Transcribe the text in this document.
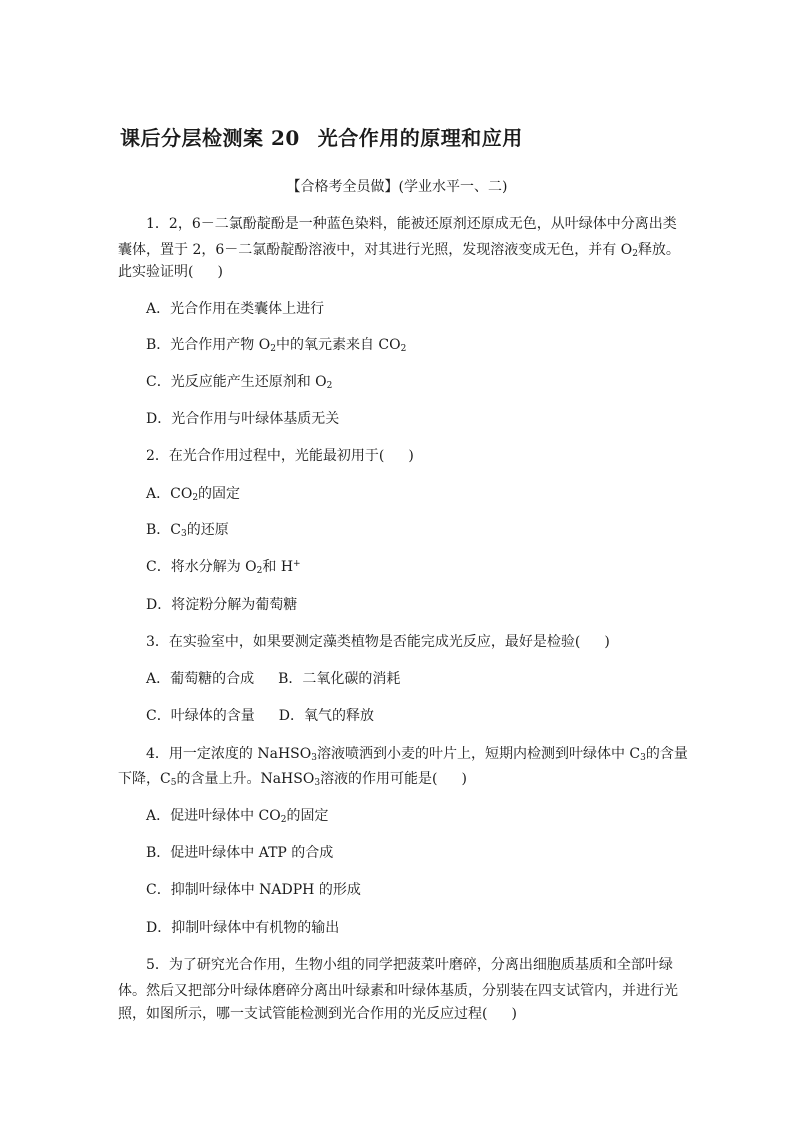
课后分层检测案 20 光合作用的原理和应用
【合格考全员做】(学业水平一、二)
1．2，6－二氯酚靛酚是一种蓝色染料，能被还原剂还原成无色，从叶绿体中分离出类
囊体，置于 2，6－二氯酚靛酚溶液中，对其进行光照，发现溶液变成无色，并有 $O_2$释放。
此实验证明( )
A．光合作用在类囊体上进行
B．光合作用产物 $O_2$中的氧元素来自 $CO_2$
C．光反应能产生还原剂和 $O_2$
D．光合作用与叶绿体基质无关
2．在光合作用过程中，光能最初用于( )
A．$CO_2$的固定
B．$C_3$的还原
C．将水分解为 $O_2$和 H+
D．将淀粉分解为葡萄糖
3．在实验室中，如果要测定藻类植物是否能完成光反应，最好是检验( )
A．葡萄糖的合成 B．二氧化碳的消耗
C．叶绿体的含量 D．氧气的释放
4．用一定浓度的 NaHSO$_3$溶液喷洒到小麦的叶片上，短期内检测到叶绿体中 $C_3$的含量
下降，$C_5$的含量上升。NaHSO$_3$溶液的作用可能是( )
A．促进叶绿体中 $CO_2$的固定
B．促进叶绿体中 ATP 的合成
C．抑制叶绿体中 NADPH 的形成
D．抑制叶绿体中有机物的输出
5．为了研究光合作用，生物小组的同学把菠菜叶磨碎，分离出细胞质基质和全部叶绿
体。然后又把部分叶绿体磨碎分离出叶绿素和叶绿体基质，分别装在四支试管内，并进行光
照，如图所示，哪一支试管能检测到光合作用的光反应过程( )
